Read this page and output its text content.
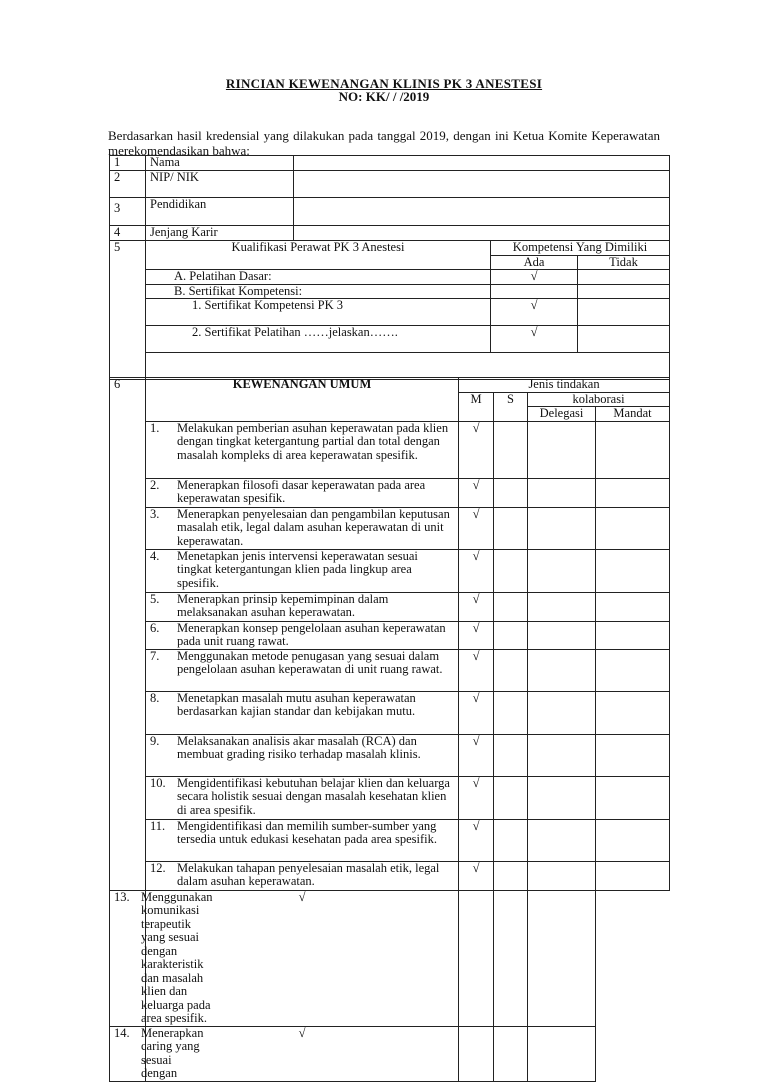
RINCIAN KEWENANGAN KLINIS PK 3 ANESTESI
NO: KK/ / /2019
Berdasarkan hasil kredensial yang dilakukan pada tanggal 2019, dengan ini Ketua Komite Keperawatan merekomendasikan bahwa:
1	Nama			
2	NIP/ NIK			
3	Pendidikan			
4	Jenjang Karir			
5	Kualifikasi Perawat PK 3 Anestesi		Kompetensi Yang Dimiliki	
			Ada	Tidak
	A. Pelatihan Dasar:		√	
	B. Sertifikat Kompetensi:			
	1. Sertifikat Kompetensi PK 3		√	
	2. Sertifikat Pelatihan ……jelaskan…….		√	

6	KEWENANGAN UMUM	Jenis tindakan			
		M	S	kolaborasi	
				Delegasi	Mandat

	1. Melakukan pemberian asuhan keperawatan pada klien dengan tingkat ketergantung partial dan total dengan masalah kompleks di area keperawatan spesifik.	√			

	2. Menerapkan filosofi dasar keperawatan pada area keperawatan spesifik.	√			

	3. Menerapkan penyelesaian dan pengambilan keputusan masalah etik, legal dalam asuhan keperawatan di unit keperawatan.	√			

	4. Menetapkan jenis intervensi keperawatan sesuai tingkat ketergantungan klien pada lingkup area spesifik.	√			

	5. Menerapkan prinsip kepemimpinan dalam melaksanakan asuhan keperawatan.	√			

	6. Menerapkan konsep pengelolaan asuhan keperawatan pada unit ruang rawat.	√			

	7. Menggunakan metode penugasan yang sesuai dalam pengelolaan asuhan keperawatan di unit ruang rawat.	√			

	8. Menetapkan masalah mutu asuhan keperawatan berdasarkan kajian standar dan kebijakan mutu.	√			

	9. Melaksanakan analisis akar masalah (RCA) dan membuat grading risiko terhadap masalah klinis.	√			

	10. Mengidentifikasi kebutuhan belajar klien dan keluarga secara holistik sesuai dengan masalah kesehatan klien di area spesifik.	√			

	11. Mengidentifikasi dan memilih sumber-sumber yang tersedia untuk edukasi kesehatan pada area spesifik.	√			

	12. Melakukan tahapan penyelesaian masalah etik, legal dalam asuhan keperawatan.	√			

13. Menggunakan komunikasi terapeutik yang sesuai dengan karakteristik dan masalah klien dan keluarga pada area spesifik.	√				

14. Menerapkan caring yang sesuai dengan	√				
